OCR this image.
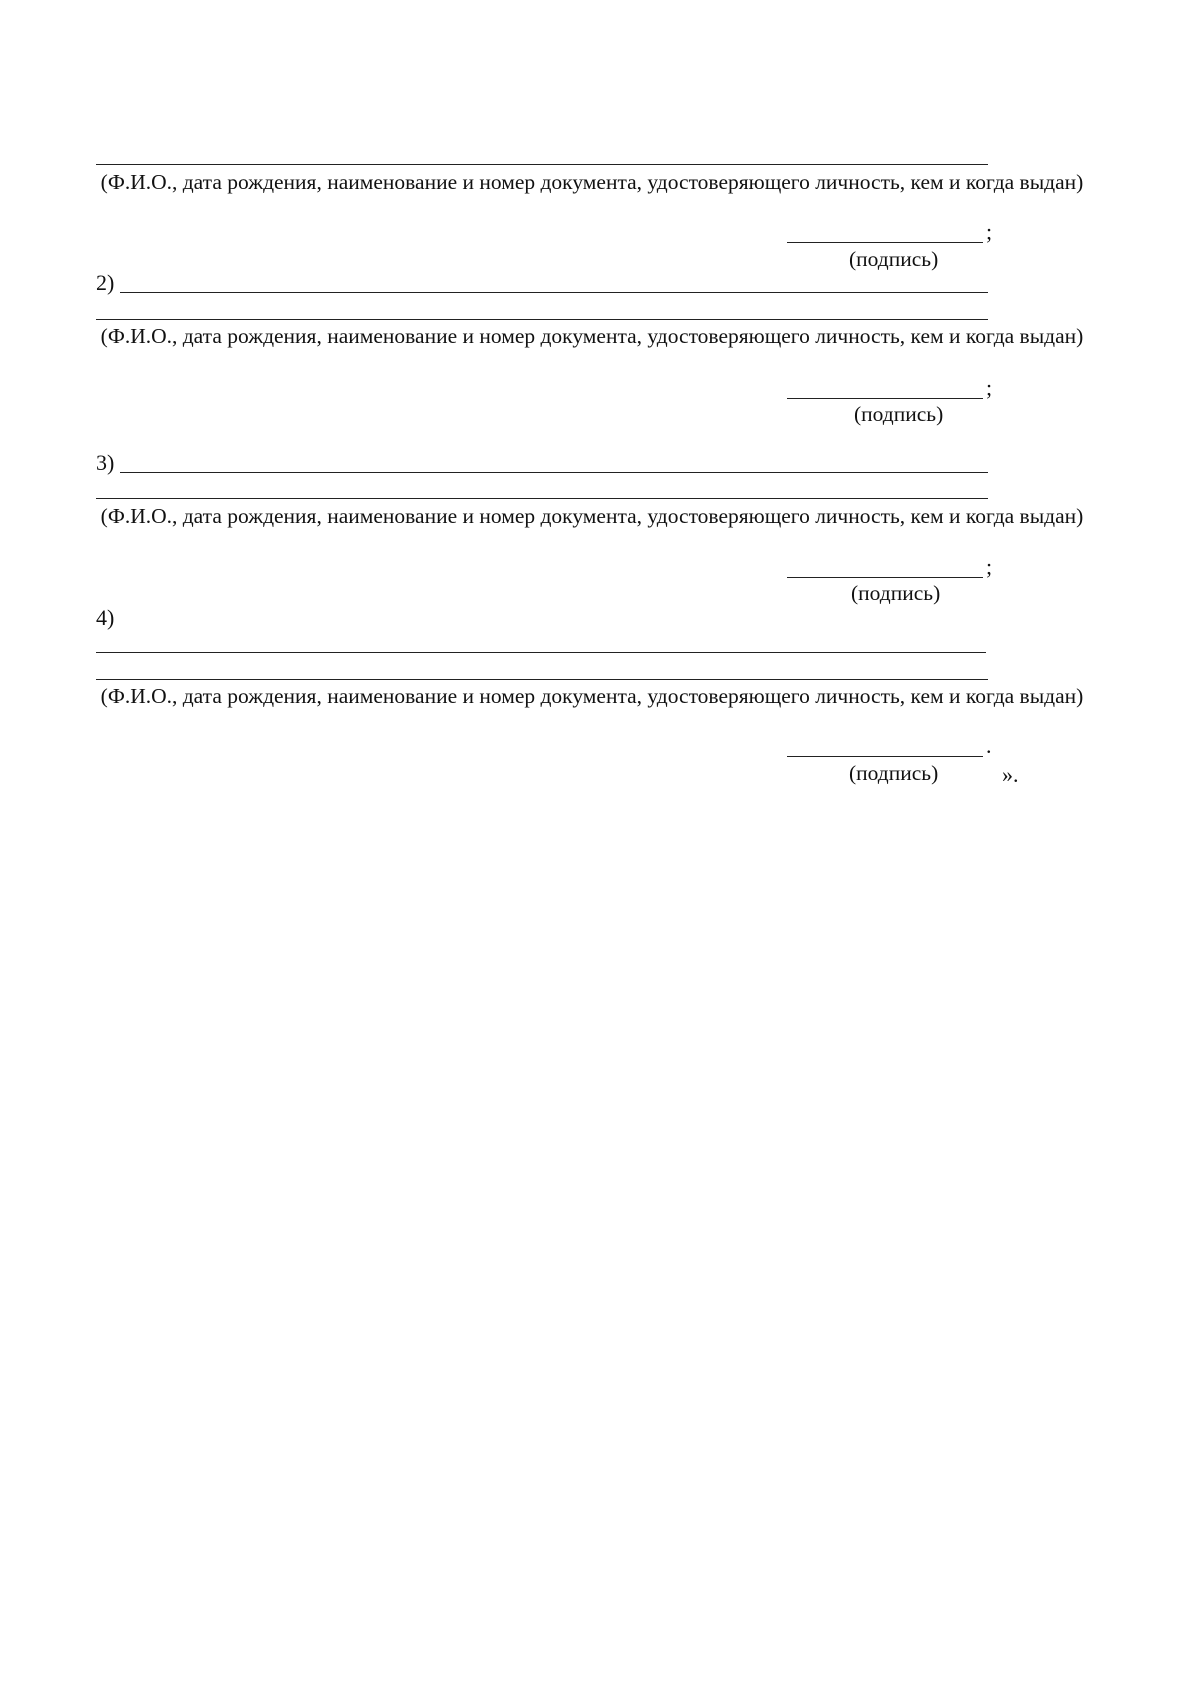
(Ф.И.О., дата рождения, наименование и номер документа, удостоверяющего личность, кем и когда выдан)
;
(подпись)
2)
(Ф.И.О., дата рождения, наименование и номер документа, удостоверяющего личность, кем и когда выдан)
;
(подпись)
3)
(Ф.И.О., дата рождения, наименование и номер документа, удостоверяющего личность, кем и когда выдан)
;
(подпись)
4)
(Ф.И.О., дата рождения, наименование и номер документа, удостоверяющего личность, кем и когда выдан)
.
(подпись)	».
